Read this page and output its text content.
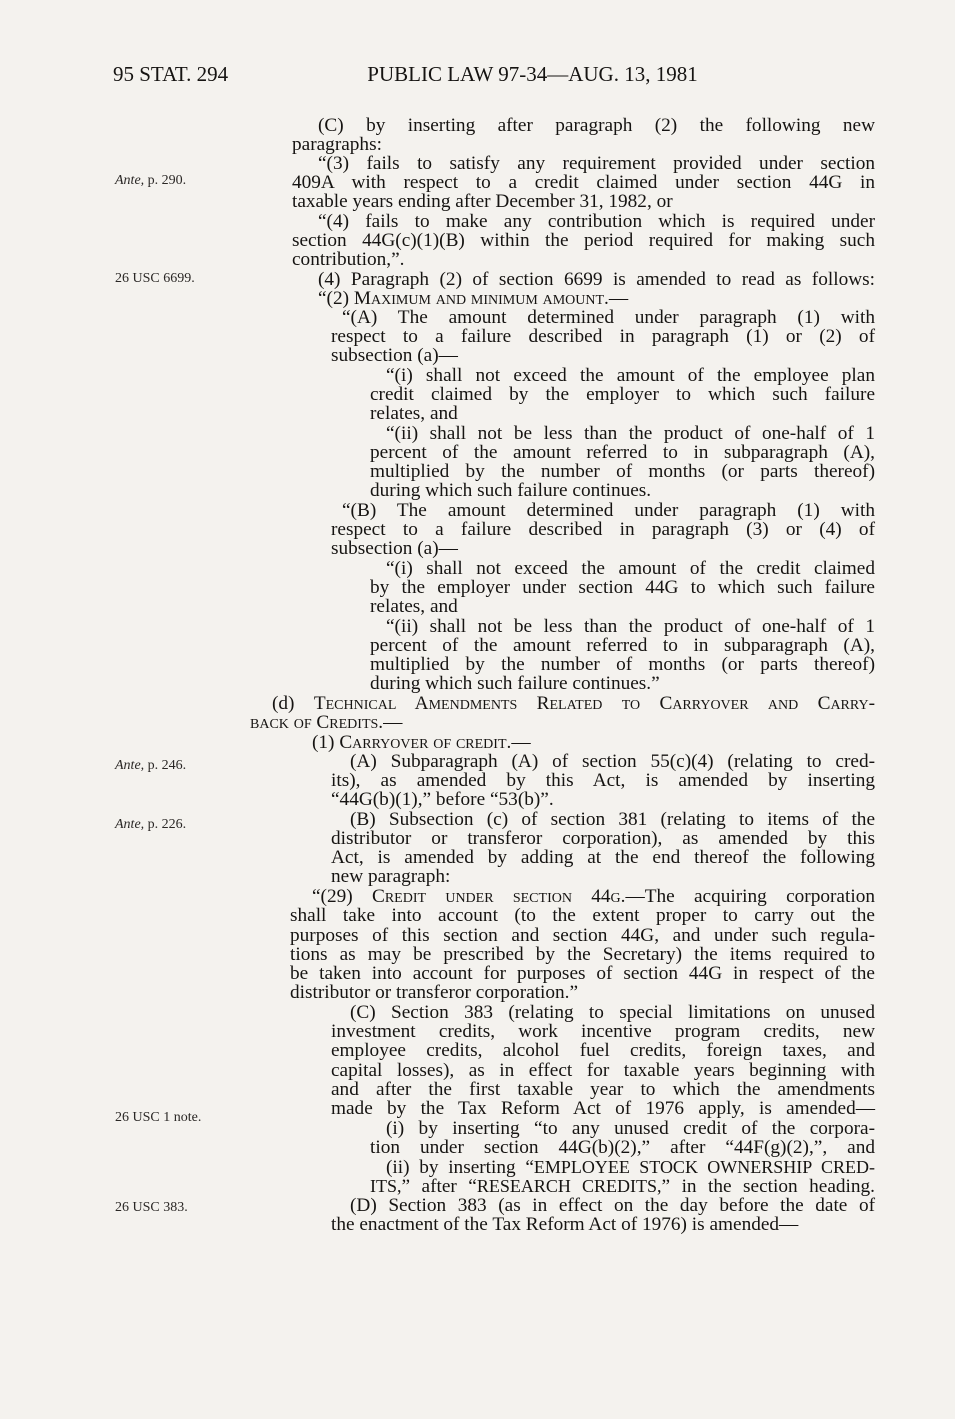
95 STAT. 294	PUBLIC LAW 97-34—AUG. 13, 1981
Ante, p. 290.
26 USC 6699.
Ante, p. 246.
Ante, p. 226.
26 USC 1 note.
26 USC 383.
(C) by inserting after paragraph (2) the following new
paragraphs:
“(3) fails to satisfy any requirement provided under section
409A with respect to a credit claimed under section 44G in
taxable years ending after December 31, 1982, or
“(4) fails to make any contribution which is required under
section 44G(c)(1)(B) within the period required for making such
contribution,”.
(4) Paragraph (2) of section 6699 is amended to read as follows:
“(2) Maximum and minimum amount.—
“(A) The amount determined under paragraph (1) with
respect to a failure described in paragraph (1) or (2) of
subsection (a)—
“(i) shall not exceed the amount of the employee plan
credit claimed by the employer to which such failure
relates, and
“(ii) shall not be less than the product of one-half of 1
percent of the amount referred to in subparagraph (A),
multiplied by the number of months (or parts thereof)
during which such failure continues.
“(B) The amount determined under paragraph (1) with
respect to a failure described in paragraph (3) or (4) of
subsection (a)—
“(i) shall not exceed the amount of the credit claimed
by the employer under section 44G to which such failure
relates, and
“(ii) shall not be less than the product of one-half of 1
percent of the amount referred to in subparagraph (A),
multiplied by the number of months (or parts thereof)
during which such failure continues.”
(d) Technical Amendments Related to Carryover and Carry-
back of Credits.—
(1) Carryover of credit.—
(A) Subparagraph (A) of section 55(c)(4) (relating to cred-
its), as amended by this Act, is amended by inserting
“44G(b)(1),” before “53(b)”.
(B) Subsection (c) of section 381 (relating to items of the
distributor or transferor corporation), as amended by this
Act, is amended by adding at the end thereof the following
new paragraph:
“(29) Credit under section 44g.—The acquiring corporation
shall take into account (to the extent proper to carry out the
purposes of this section and section 44G, and under such regula-
tions as may be prescribed by the Secretary) the items required to
be taken into account for purposes of section 44G in respect of the
distributor or transferor corporation.”
(C) Section 383 (relating to special limitations on unused
investment credits, work incentive program credits, new
employee credits, alcohol fuel credits, foreign taxes, and
capital losses), as in effect for taxable years beginning with
and after the first taxable year to which the amendments
made by the Tax Reform Act of 1976 apply, is amended—
(i) by inserting “to any unused credit of the corpora-
tion under section 44G(b)(2),” after “44F(g)(2),”, and
(ii) by inserting “EMPLOYEE STOCK OWNERSHIP CRED-
ITS,” after “RESEARCH CREDITS,” in the section heading.
(D) Section 383 (as in effect on the day before the date of
the enactment of the Tax Reform Act of 1976) is amended—
